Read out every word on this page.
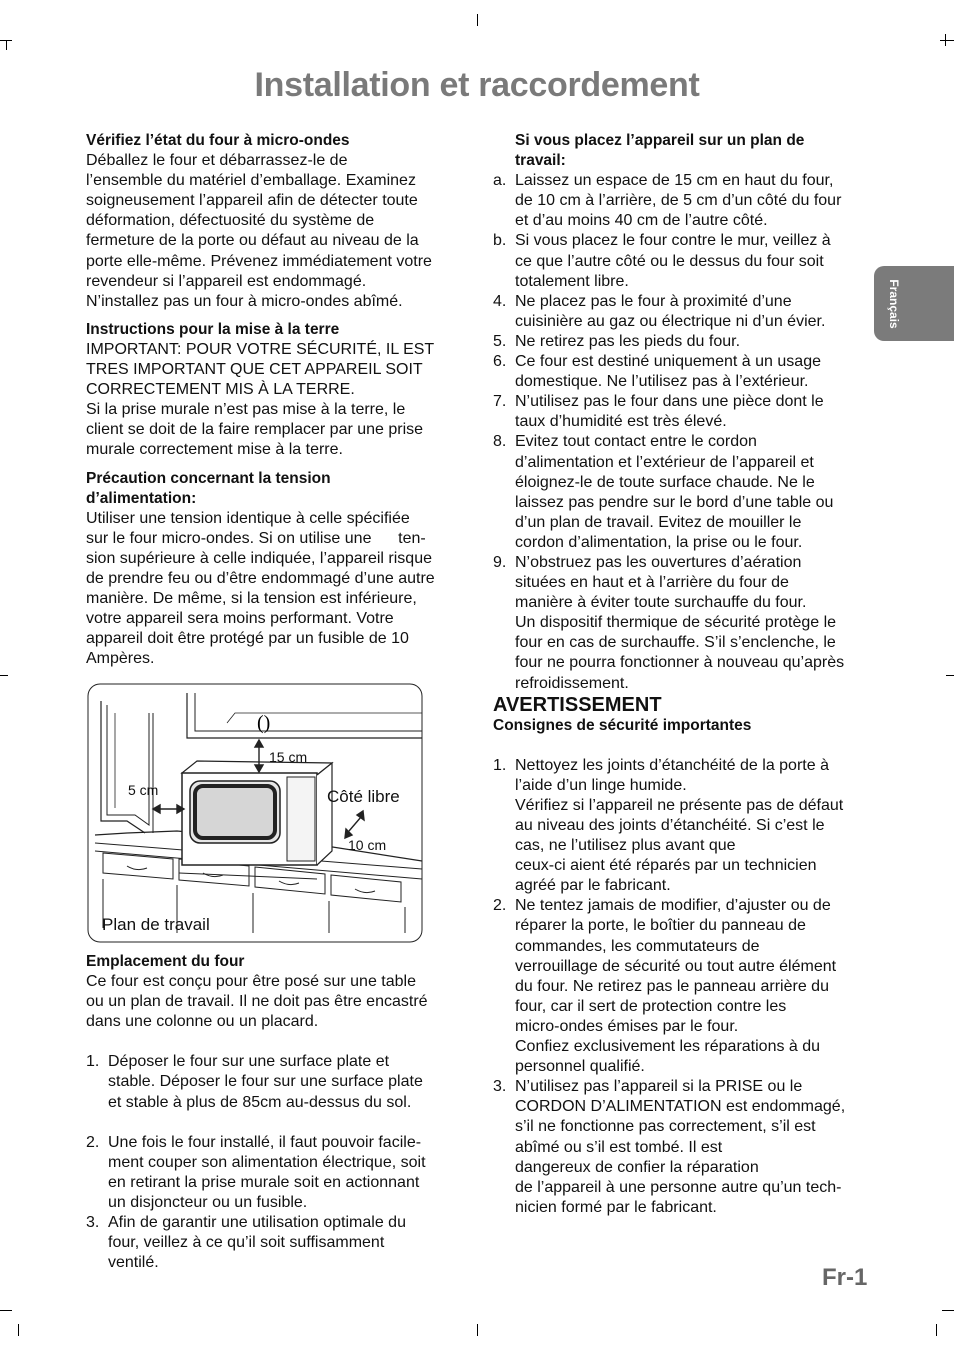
Installation et raccordement

Vérifiez l’état du four à micro-ondes

Déballez le four et débarrassez-le de

l’ensemble du matériel d’emballage. Examinez

soigneusement l’appareil afin de détecter toute

déformation, défectuosité du système de

fermeture de la porte ou défaut au niveau de la

porte elle-même. Prévenez immédiatement votre

revendeur si l’appareil est endommagé.

N’installez pas un four à micro-ondes abîmé.

Instructions pour la mise à la terre

IMPORTANT: POUR VOTRE SÉCURITÉ, IL EST

TRES IMPORTANT QUE CET APPAREIL SOIT

CORRECTEMENT MIS À LA TERRE.

Si la prise murale n’est pas mise à la terre, le

client se doit de la faire remplacer par une prise

murale correctement mise à la terre.

Précaution concernant la tension

d’alimentation:

Utiliser une tension identique à celle spécifiée

sur le four micro-ondes. Si on utilise une      ten-

sion supérieure à celle indiquée, l’appareil risque

de prendre feu ou d’être endommagé d’une autre

manière. De même, si la tension est inférieure,

votre appareil sera moins performant. Votre

appareil doit être protégé par un fusible de 10

Ampères.

()
15 cm
5 cm	Côté libre
10 cm
Plan de travail

Emplacement du four

Ce four est conçu pour être posé sur une table

ou un plan de travail. Il ne doit pas être encastré

dans une colonne ou un placard.

1. Déposer le four sur une surface plate et

stable. Déposer le four sur une surface plate

et stable à plus de 85cm au-dessus du sol.

2. Une fois le four installé, il faut pouvoir facile-

ment couper son alimentation électrique, soit

en retirant la prise murale soit en actionnant

un disjoncteur ou un fusible.

3. Afin de garantir une utilisation optimale du

four, veillez à ce qu’il soit suffisamment

ventilé.

Si vous placez l’appareil sur un plan de

travail:

a. Laissez un espace de 15 cm en haut du four,

de 10 cm à l’arrière, de 5 cm d’un côté du four

et d’au moins 40 cm de l’autre côté.

b. Si vous placez le four contre le mur, veillez à

ce que l’autre côté ou le dessus du four soit

totalement libre.

4. Ne placez pas le four à proximité d’une

cuisinière au gaz ou électrique ni d’un évier.

5. Ne retirez pas les pieds du four.

6. Ce four est destiné uniquement à un usage

domestique. Ne l’utilisez pas à l’extérieur.

7. N’utilisez pas le four dans une pièce dont le

taux d’humidité est très élevé.

8. Evitez tout contact entre le cordon

d’alimentation et l’extérieur de l’appareil et

éloignez-le de toute surface chaude. Ne le

laissez pas pendre sur le bord d’une table ou

d’un plan de travail. Evitez de mouiller le

cordon d’alimentation, la prise ou le four.

9. N’obstruez pas les ouvertures d’aération

situées en haut et à l’arrière du four de

manière à éviter toute surchauffe du four.

Un dispositif thermique de sécurité protège le

four en cas de surchauffe. S’il s’enclenche, le

four ne pourra fonctionner à nouveau qu’après

refroidissement.

AVERTISSEMENT

Consignes de sécurité importantes

1. Nettoyez les joints d’étanchéité de la porte à

l’aide d’un linge humide.

Vérifiez si l’appareil ne présente pas de défaut

au niveau des joints d’étanchéité. Si c’est le

cas, ne l’utilisez plus avant que

ceux-ci aient été réparés par un technicien

agréé par le fabricant.

2. Ne tentez jamais de modifier, d’ajuster ou de

réparer la porte, le boîtier du panneau de

commandes, les commutateurs de

verrouillage de sécurité ou tout autre élément

du four. Ne retirez pas le panneau arrière du

four, car il sert de protection contre les

micro-ondes émises par le four.

Confiez exclusivement les réparations à du

personnel qualifié.

3. N’utilisez pas l’appareil si la PRISE ou le

CORDON D’ALIMENTATION est endommagé,

s’il ne fonctionne pas correctement, s’il est

abîmé ou s’il est tombé. Il est

dangereux de confier la réparation

de l’appareil à une personne autre qu’un tech-

nicien formé par le fabricant.

Français
Fr-1
